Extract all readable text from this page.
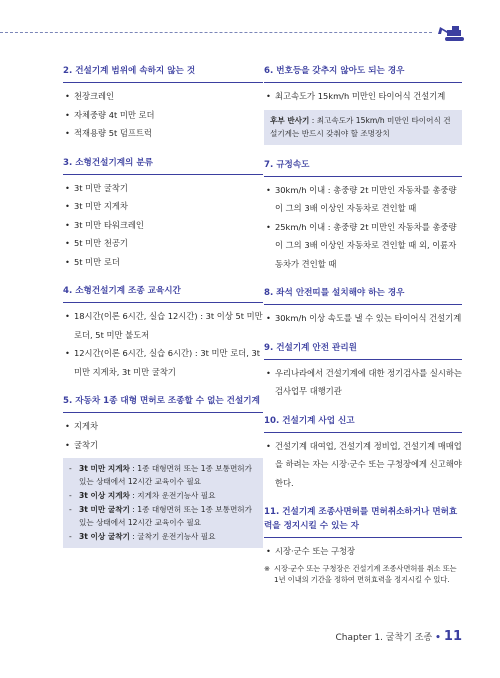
2. 건설기계 범위에 속하지 않는 것
• 천장크레인
• 자체중량 4t 미만 로더
• 적재용량 5t 덤프트럭
3. 소형건설기계의 분류
• 3t 미만 굴착기
• 3t 미만 지게차
• 3t 미만 타워크레인
• 5t 미만 천공기
• 5t 미만 로더
4. 소형건설기계 조종 교육시간
• 18시간(이론 6시간, 실습 12시간) : 3t 이상 5t 미만 로더, 5t 미만 불도저
• 12시간(이론 6시간, 실습 6시간) : 3t 미만 로더, 3t 미만 지게차, 3t 미만 굴착기
5. 자동차 1종 대형 면허로 조종할 수 없는 건설기계
• 지게차
• 굴착기
- 3t 미만 지게차 : 1종 대형면허 또는 1종 보통면허가 있는 상태에서 12시간 교육이수 필요
- 3t 이상 지게차 : 지게차 운전기능사 필요
- 3t 미만 굴착기 : 1종 대형면허 또는 1종 보통면허가 있는 상태에서 12시간 교육이수 필요
- 3t 이상 굴착기 : 굴착기 운전기능사 필요
6. 번호등을 갖추지 않아도 되는 경우
• 최고속도가 15km/h 미만인 타이어식 건설기계
후부 반사기 : 최고속도가 15km/h 미만인 타이어식 건설기계는 반드시 갖춰야 할 조명장치
7. 규정속도
• 30km/h 이내 : 총중량 2t 미만인 자동차를 총중량이 그의 3배 이상인 자동차로 견인할 때
• 25km/h 이내 : 총중량 2t 미만인 자동차를 총중량이 그의 3배 이상인 자동차로 견인할 때 외, 이륜자동차가 견인할 때
8. 좌석 안전띠를 설치해야 하는 경우
• 30km/h 이상 속도를 낼 수 있는 타이어식 건설기계
9. 건설기계 안전 관리원
• 우리나라에서 건설기계에 대한 정기검사를 실시하는 검사업무 대행기관
10. 건설기계 사업 신고
• 건설기계 대여업, 건설기계 정비업, 건설기계 매매업을 하려는 자는 시장·군수 또는 구청장에게 신고해야 한다.
11. 건설기계 조종사면허를 면허취소하거나 면허효력을 정지시킬 수 있는 자
• 시장·군수 또는 구청장
※ 시장·군수 또는 구청장은 건설기계 조종사면허를 취소 또는 1년 이내의 기간을 정하여 면허효력을 정지시킬 수 있다.
Chapter 1. 굴착기 조종 • 11
